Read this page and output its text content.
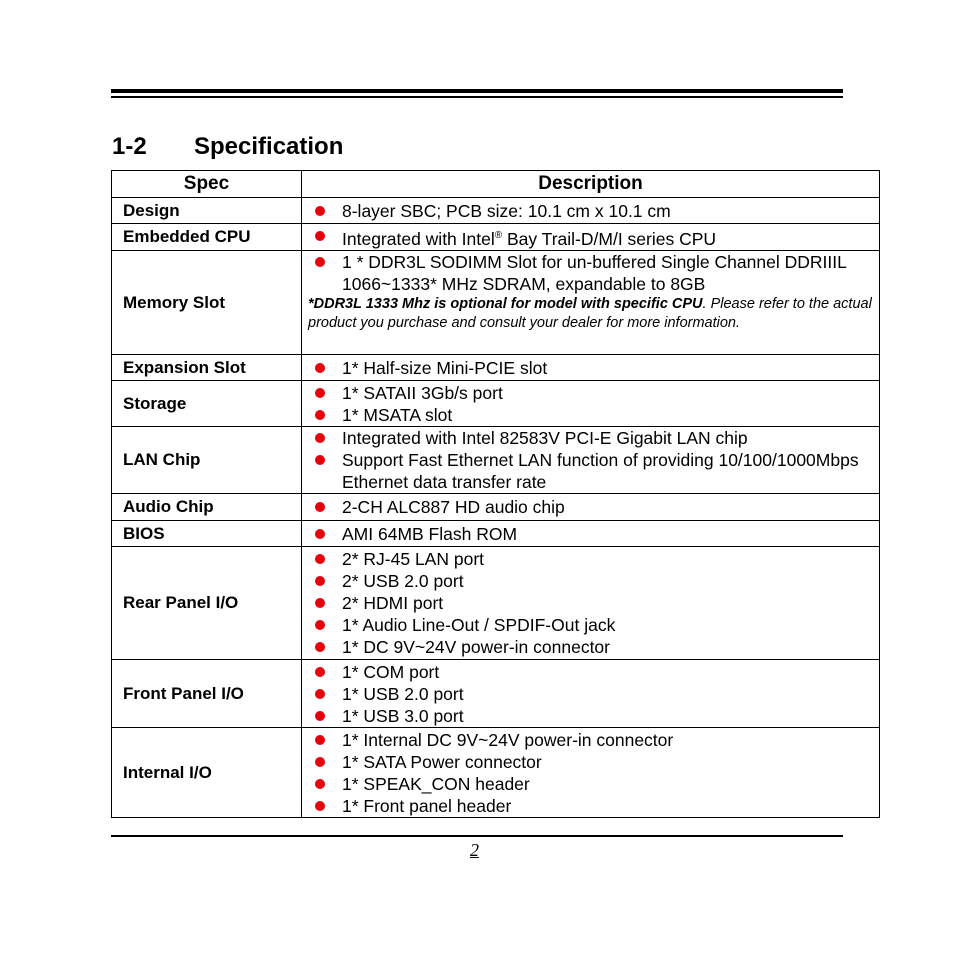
1-2 Specification
Spec	Description
Design	8-layer SBC; PCB size: 10.1 cm x 10.1 cm

Embedded CPU	Integrated with Intel® Bay Trail-D/M/I series CPU

Memory Slot	1 * DDR3L SODIMM Slot for un-buffered Single Channel DDRIIIL 1066~1333* MHz SDRAM, expandable to 8GB
*DDR3L 1333 Mhz is optional for model with specific CPU. Please refer to the actual product you purchase and consult your dealer for more information.

Expansion Slot	1* Half-size Mini-PCIE slot

Storage	1* SATAII 3Gb/s port
1* MSATA slot

LAN Chip	Integrated with Intel 82583V PCI-E Gigabit LAN chip
Support Fast Ethernet LAN function of providing 10/100/1000Mbps Ethernet data transfer rate

Audio Chip	2-CH ALC887 HD audio chip

BIOS	AMI 64MB Flash ROM

Rear Panel I/O	2* RJ-45 LAN port
2* USB 2.0 port
2* HDMI port
1* Audio Line-Out / SPDIF-Out jack
1* DC 9V~24V power-in connector

Front Panel I/O	1* COM port
1* USB 2.0 port
1* USB 3.0 port

Internal I/O	1* Internal DC 9V~24V power-in connector
1* SATA Power connector
1* SPEAK_CON header
1* Front panel header
2
